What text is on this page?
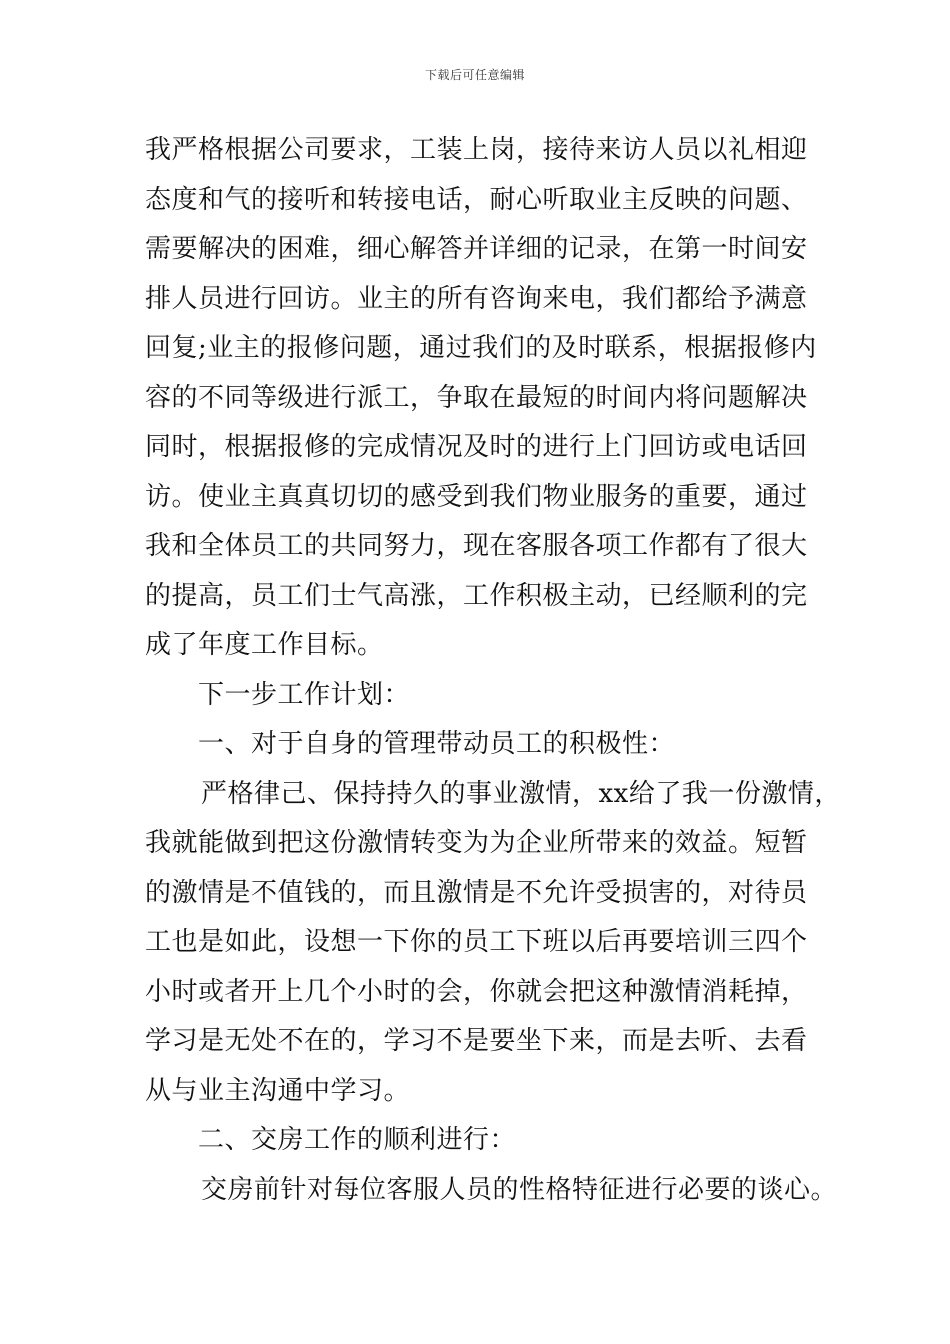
下载后可任意编辑
我严格根据公司要求，工装上岗，接待来访人员以礼相迎
态度和气的接听和转接电话，耐心听取业主反映的问题、
需要解决的困难，细心解答并详细的记录，在第一时间安
排人员进行回访。业主的所有咨询来电，我们都给予满意
回复;业主的报修问题，通过我们的及时联系，根据报修内
容的不同等级进行派工，争取在最短的时间内将问题解决
同时，根据报修的完成情况及时的进行上门回访或电话回
访。使业主真真切切的感受到我们物业服务的重要，通过
我和全体员工的共同努力，现在客服各项工作都有了很大
的提高，员工们士气高涨，工作积极主动，已经顺利的完
成了年度工作目标。
下一步工作计划：
一、对于自身的管理带动员工的积极性：
严格律己、保持持久的事业激情，xx给了我一份激情，
我就能做到把这份激情转变为为企业所带来的效益。短暂
的激情是不值钱的，而且激情是不允许受损害的，对待员
工也是如此，设想一下你的员工下班以后再要培训三四个
小时或者开上几个小时的会，你就会把这种激情消耗掉，
学习是无处不在的，学习不是要坐下来，而是去听、去看
从与业主沟通中学习。
二、交房工作的顺利进行：
交房前针对每位客服人员的性格特征进行必要的谈心。
